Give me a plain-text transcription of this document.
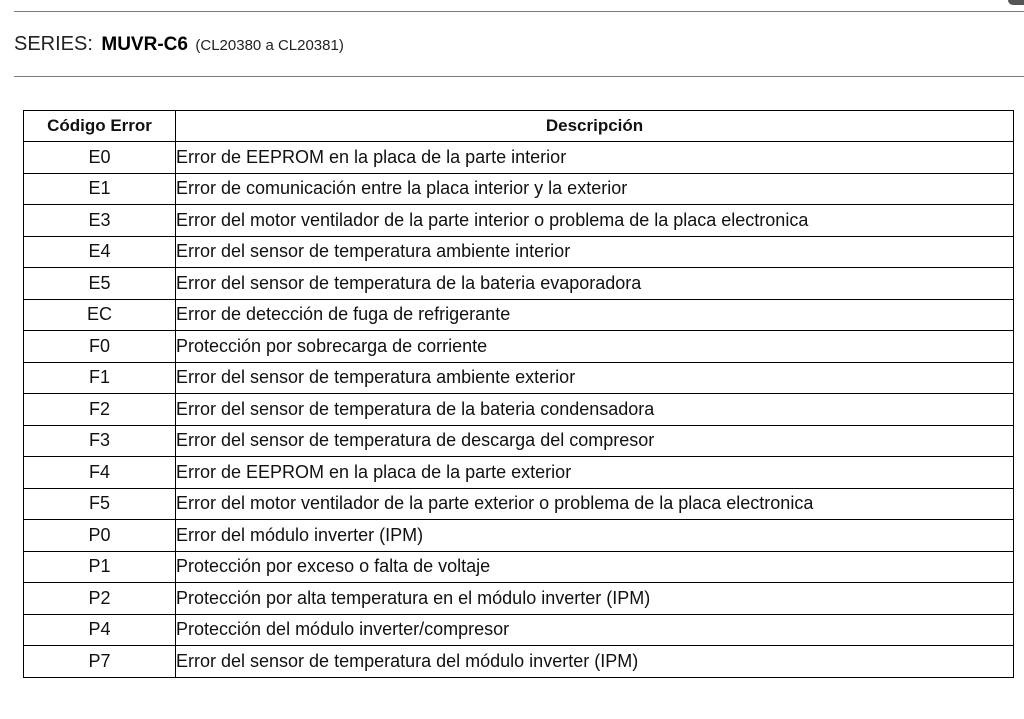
SERIES: MUVR-C6 (CL20380 a CL20381)
Código Error	Descripción
E0	Error de EEPROM en la placa de la parte interior
E1	Error de comunicación entre la placa interior y la exterior
E3	Error del motor ventilador de la parte interior o problema de la placa electronica
E4	Error del sensor de temperatura ambiente interior
E5	Error del sensor de temperatura de la bateria evaporadora
EC	Error de detección de fuga de refrigerante
F0	Protección por sobrecarga de corriente
F1	Error del sensor de temperatura ambiente exterior
F2	Error del sensor de temperatura de la bateria condensadora
F3	Error del sensor de temperatura de descarga del compresor
F4	Error de EEPROM en la placa de la parte exterior
F5	Error del motor ventilador de la parte exterior o problema de la placa electronica
P0	Error del módulo inverter (IPM)
P1	Protección por exceso o falta de voltaje
P2	Protección por alta temperatura en el módulo inverter (IPM)
P4	Protección del módulo inverter/compresor
P7	Error del sensor de temperatura del módulo inverter (IPM)
